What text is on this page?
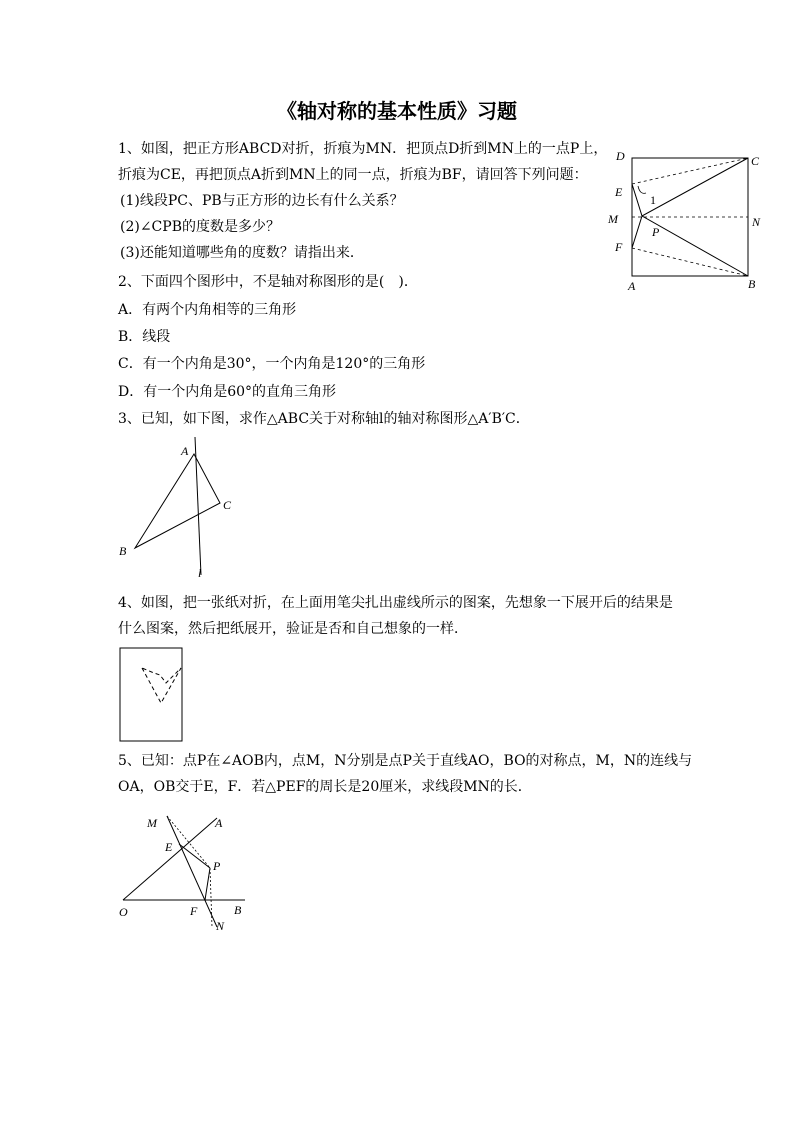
《轴对称的基本性质》习题
1、如图，把正方形ABCD对折，折痕为MN．把顶点D折到MN上的一点P上，
折痕为CE，再把顶点A折到MN上的同一点，折痕为BF，请回答下列问题：
(1)线段PC、PB与正方形的边长有什么关系？
(2)∠CPB的度数是多少？
(3)还能知道哪些角的度数？请指出来．
D	C
E
1
M	N
P
F
A	B
2、下面四个图形中，不是轴对称图形的是(　)．
A．有两个内角相等的三角形
B．线段
C．有一个内角是30°，一个内角是120°的三角形
D．有一个内角是60°的直角三角形
3、已知，如下图，求作△ABC关于对称轴l的轴对称图形△A′B′C．
A
C
B
l
4、如图，把一张纸对折，在上面用笔尖扎出虚线所示的图案，先想象一下展开后的结果是
什么图案，然后把纸展开，验证是否和自己想象的一样．
5、已知：点P在∠AOB内，点M，N分别是点P关于直线AO，BO的对称点，M，N的连线与
OA，OB交于E，F．若△PEF的周长是20厘米，求线段MN的长．
M	A
E
P
O	F	B
N
